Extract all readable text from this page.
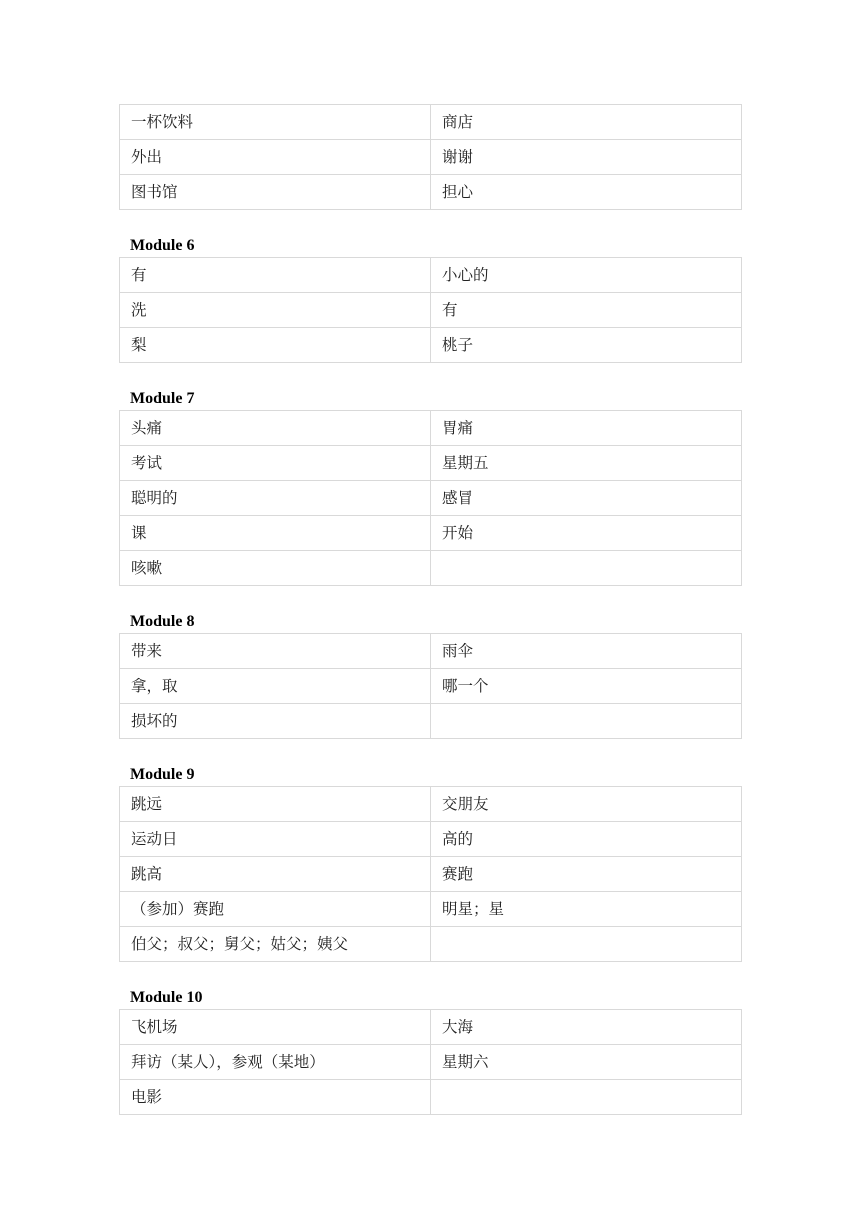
一杯饮料	商店
外出	谢谢
图书馆	担心
Module 6
有	小心的
洗	有
梨	桃子
Module 7
头痛	胃痛
考试	星期五
聪明的	感冒
课	开始
咳嗽	
Module 8
带来	雨伞
拿，取	哪一个
损坏的	
Module 9
跳远	交朋友
运动日	高的
跳高	赛跑
（参加）赛跑	明星；星
伯父；叔父；舅父；姑父；姨父	
Module 10
飞机场	大海
拜访（某人），参观（某地）	星期六
电影	
